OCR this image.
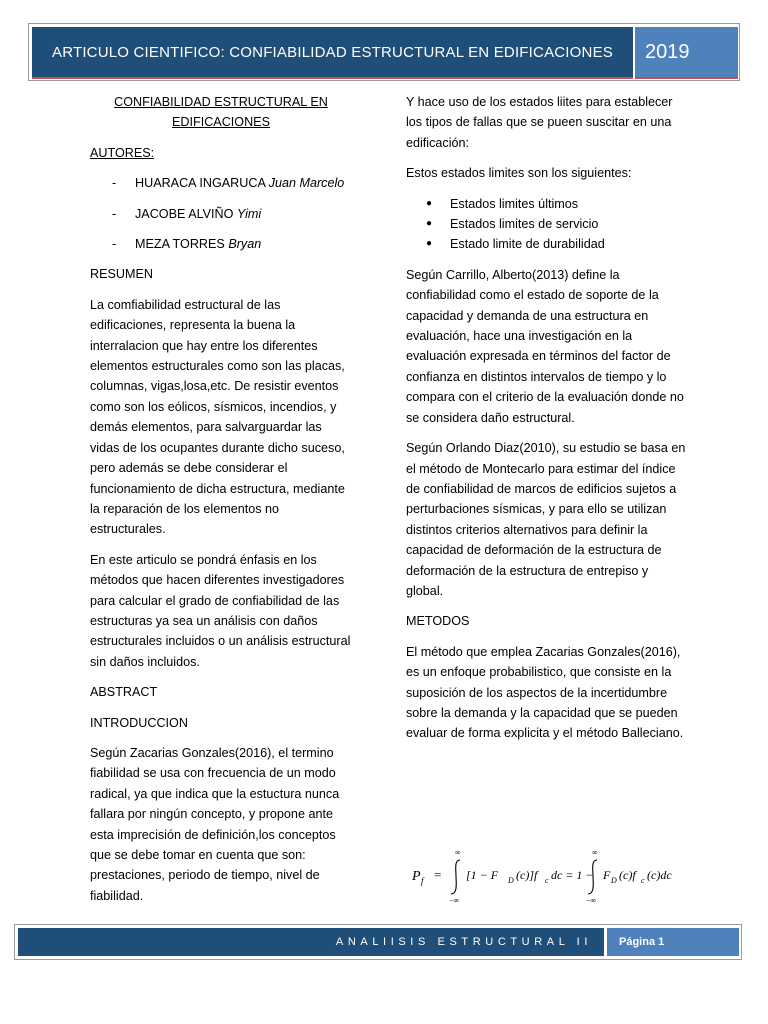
ARTICULO CIENTIFICO: CONFIABILIDAD ESTRUCTURAL EN EDIFICACIONES	2019
CONFIABILIDAD ESTRUCTURAL EN
EDIFICACIONES

AUTORES:

-	HUARACA INGARUCA Juan Marcelo
-	JACOBE ALVIÑO Yimi
-	MEZA TORRES Bryan

RESUMEN

La comfiabilidad estructural de las edificaciones, representa la buena la interralacion que hay entre los diferentes elementos estructurales como son las placas, columnas, vigas,losa,etc. De resistir eventos como son los eólicos, sísmicos, incendios, y demás elementos, para salvarguardar las vidas de los ocupantes durante dicho suceso, pero además se debe considerar el funcionamiento de dicha estructura, mediante la reparación de los elementos no estructurales.

En este articulo se pondrá énfasis en los métodos que hacen diferentes investigadores para calcular el grado de confiabilidad de las estructuras ya sea un análisis con daños estructurales incluidos o un análisis estructural sin daños incluidos.

ABSTRACT

INTRODUCCION

Según Zacarias Gonzales(2016), el termino fiabilidad se usa con frecuencia de un modo radical, ya que indica que la estuctura nunca fallara por ningún concepto, y propone ante esta imprecisión de definición,los conceptos que se debe tomar en cuenta que son: prestaciones, periodo de tiempo, nivel de fiabilidad.

Y hace uso de los estados liites para establecer los tipos de fallas que se pueen suscitar en una edificación:

Estos estados limites son los siguientes:

●	Estados limites últimos
●	Estados limites de servicio
●	Estado limite de durabilidad

Según Carrillo, Alberto(2013) define la confiabilidad como el estado de soporte de la capacidad y demanda de una estructura en evaluación, hace una investigación en la evaluación expresada en términos del factor de confianza en distintos intervalos de tiempo y lo compara con el criterio de la evaluación donde no se considera daño estructural.

Según Orlando Diaz(2010), su estudio se basa en el método de Montecarlo para estimar del índice de confiabilidad de marcos de edificios sujetos a perturbaciones sísmicas, y para ello se utilizan distintos criterios alternativos para definir la capacidad de deformación de la estructura de deformación de la estructura de entrepiso y global.

METODOS

El método que emplea Zacarias Gonzales(2016), es un enfoque probabilistico, que consiste en la suposición de los aspectos de la incertidumbre sobre la demanda y la capacidad que se pueden evaluar de forma explicita y el método Balleciano.

P f =
∞
−∞
[1 − F D (c)]f c dc = 1 −
∞
−∞
F D (c)f c (c)dc
ANALIISIS ESTRUCTURAL II	Página 1
